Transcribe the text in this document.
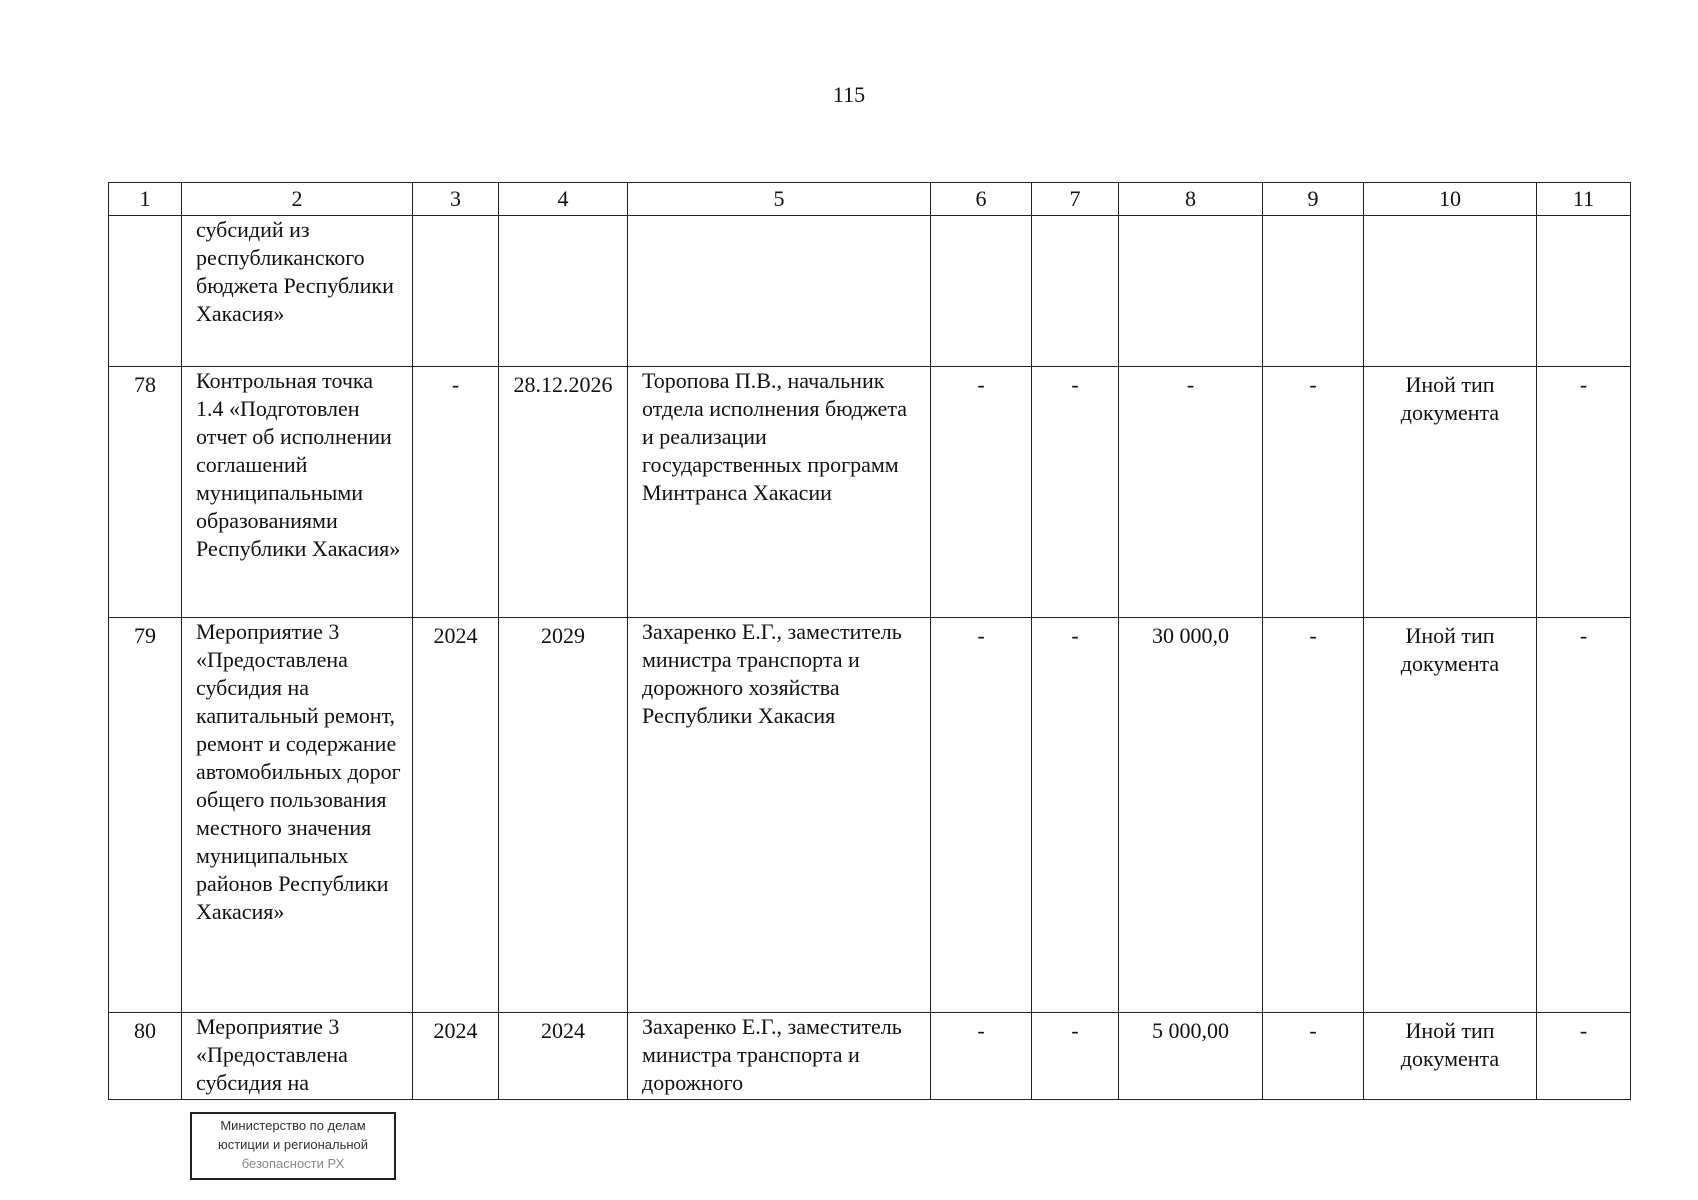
115
1	2	3	4	5	6	7	8	9	10	11
	субсидий из республиканского бюджета Республики Хакасия»									
78	Контрольная точка 1.4 «Подготовлен отчет об исполнении соглашений муниципальными образованиями Республики Хакасия»	-	28.12.2026	Торопова П.В., начальник отдела исполнения бюджета и реализации государственных программ Минтранса Хакасии	-	-	-	-	Иной тип документа	-
79	Мероприятие 3 «Предоставлена субсидия на капитальный ремонт, ремонт и содержание автомобильных дорог общего пользования местного значения муниципальных районов Республики Хакасия»	2024	2029	Захаренко Е.Г., заместитель министра транспорта и дорожного хозяйства Республики Хакасия	-	-	30 000,0	-	Иной тип документа	-
80	Мероприятие 3 «Предоставлена субсидия на	2024	2024	Захаренко Е.Г., заместитель министра транспорта и дорожного	-	-	5 000,00	-	Иной тип документа	-
Министерство по делам
юстиции и региональной
безопасности РХ
